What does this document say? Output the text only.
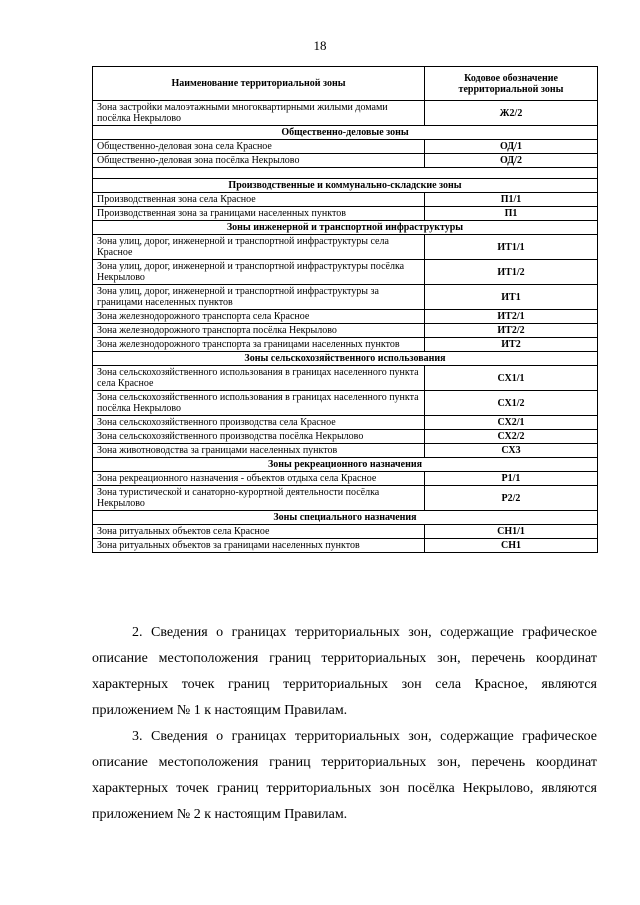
18
Наименование территориальной зоны	Кодовое обозначение территориальной зоны
Зона застройки малоэтажными многоквартирными жилыми домами посёлка Некрылово	Ж2/2
Общественно-деловые зоны	
Общественно-деловая зона села Красное	ОД/1
Общественно-деловая зона посёлка Некрылово	ОД/2

Производственные и коммунально-складские зоны	
Производственная зона села Красное	П1/1
Производственная зона за границами населенных пунктов	П1
Зоны инженерной и транспортной инфраструктуры	
Зона улиц, дорог, инженерной и транспортной инфраструктуры села Красное	ИТ1/1
Зона улиц, дорог, инженерной и транспортной инфраструктуры посёлка Некрылово	ИТ1/2
Зона улиц, дорог, инженерной и транспортной инфраструктуры за границами населенных пунктов	ИТ1
Зона железнодорожного транспорта села Красное	ИТ2/1
Зона железнодорожного транспорта посёлка Некрылово	ИТ2/2
Зона железнодорожного транспорта за границами населенных пунктов	ИТ2
Зоны сельскохозяйственного использования	
Зона сельскохозяйственного использования в границах населенного пункта села Красное	СХ1/1
Зона сельскохозяйственного использования в границах населенного пункта посёлка Некрылово	СХ1/2
Зона сельскохозяйственного производства села Красное	СХ2/1
Зона сельскохозяйственного производства посёлка Некрылово	СХ2/2
Зона животноводства за границами населенных пунктов	СХ3
Зоны рекреационного назначения	
Зона рекреационного назначения - объектов отдыха села Красное	Р1/1
Зона туристической и санаторно-курортной деятельности посёлка Некрылово	Р2/2
Зоны специального назначения	
Зона ритуальных объектов села Красное	СН1/1
Зона ритуальных объектов за границами населенных пунктов	СН1

2. Сведения о границах территориальных зон, содержащие графическое описание местоположения границ территориальных зон, перечень координат характерных точек границ территориальных зон села Красное, являются приложением № 1 к настоящим Правилам.

3. Сведения о границах территориальных зон, содержащие графическое описание местоположения границ территориальных зон, перечень координат характерных точек границ территориальных зон посёлка Некрылово, являются приложением № 2 к настоящим Правилам.
